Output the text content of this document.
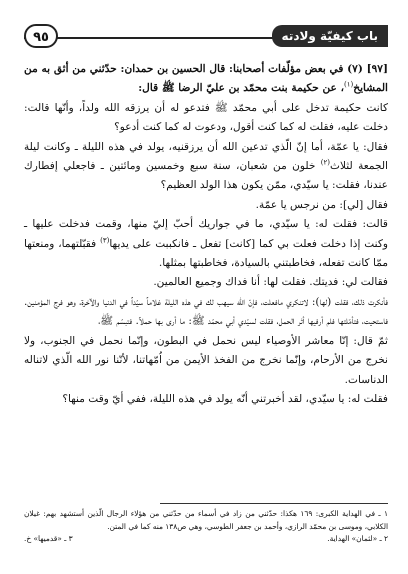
باب كيفيّة ولادته
٩٥

[٩٧] (٧) في بعض مؤلّفات أصحابنا: قال الحسين بن حمدان: حدّثني من أثق به من المشايخ$^{(١)}$، عن حكيمة بنت محمّد بن عليّ الرضا ﷺ قال:

كانت حكيمة تدخل على أبي محمّد ﷺ فتدعو له أن يرزقه الله ولداً، وأنّها قالت: دخلت عليه، فقلت له كما كنت أقول، ودعوت له كما كنت أدعو؟

فقال: يا عمّة، أما إنّ الّذي تدعين الله أن يرزقنيه، يولد في هذه الليلة ـ وكانت ليلة الجمعة لثلاث$^{(٢)}$ خلون من شعبان، سنة سبع وخمسين ومائتين ـ فاجعلي إفطارك عندنا، فقلت: يا سيّدي، ممّن يكون هذا الولد العظيم؟

فقال [لي]: من نرجس يا عمّة.

قالت: فقلت له: يا سيّدي، ما في جواريك أحبّ إليّ منها، وقمت فدخلت عليها ـ وكنت إذا دخلت فعلت بي كما [كانت] تفعل ـ فانكببت على يديها$^{(٣)}$ فقبّلتهما، ومنعتها ممّا كانت تفعله، فخاطبتني بالسيادة، فخاطبتها بمثلها.

فقالت لي: فديتك. فقلت لها: أنا فداك وجميع العالمين.

فأنكرت ذلك، فقلت (لها): لاتنكري مافعلت، فإنّ الله سيهب لك في هذه الليلة غلاماً سيّداً في الدنيا والآخرة، وهو فرج المؤمنين. فاستحيت، فتأمّلتها فلم أرفيها أثر الحمل، فقلت لسيّدي أبي محمّد ﷺ: ما أرى بها حملاً. فتبسّم ﷺ،

ثمّ قال: إنّا معاشر الأوصياء ليس نحمل في البطون، وإنّما نحمل في الجنوب، ولا نخرج من الأرحام، وإنّما نخرج من الفخذ الأيمن من اُمّهاتنا، لأنّنا نور الله الّذي لاتناله الدناسات.

فقلت له: يا سيّدي، لقد أخبرتني أنّه يولد في هذه الليلة، ففي أيّ وقت منها؟

١ ـ في الهداية الكبرى: ١٦٩ هكذا: حدّثني من زاد في أسماء من حدّثني من هؤلاء الرجال الّذين أستشهد بهم: غيلان الكلابي، وموسى بن محمّد الرازي، وأحمد بن جعفر الطوسي، وهي ص١٣٨ منه كما في المتن.

٢ ـ «لثمان» الهداية.
٣ ـ «قدميها» خ.
